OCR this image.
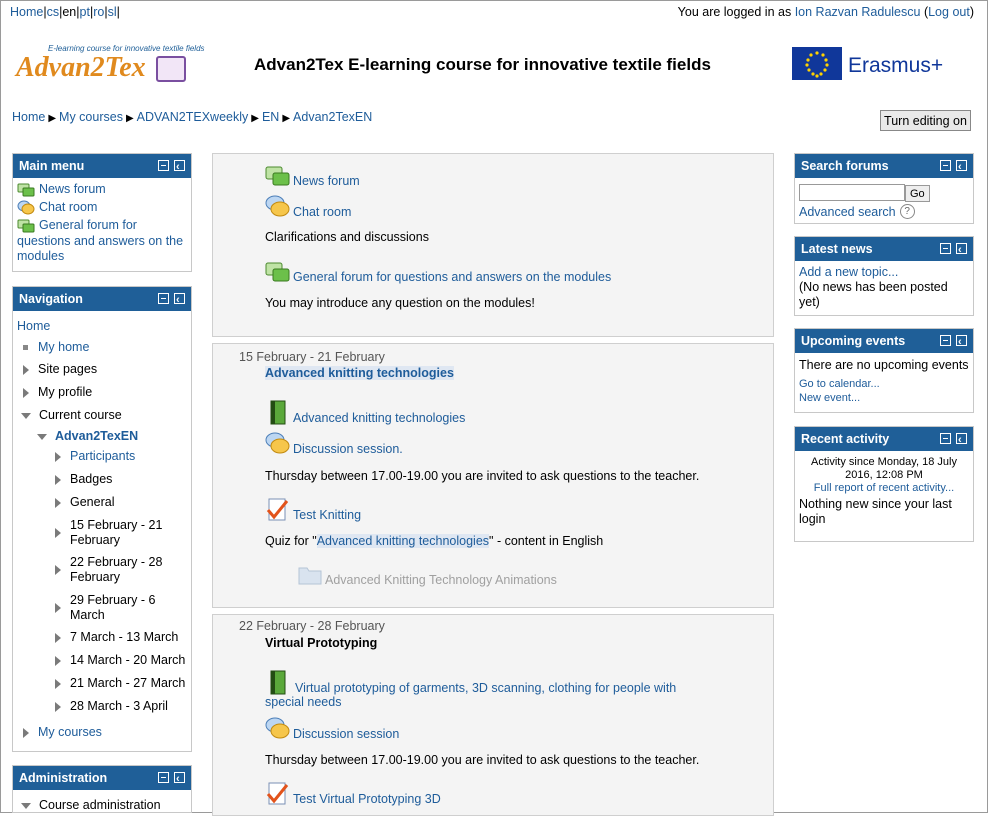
Home|cs|en|pt|ro|sl|	You are logged in as Ion Razvan Radulescu (Log out)
E-learning course for innovative textile fields
Advan2Tex	Advan2Tex E-learning course for innovative textile fields	Erasmus+
Home ▶ My courses ▶ ADVAN2TEXweekly ▶ EN ▶ Advan2TexEN	Turn editing on
Main menu
‹
News forum
Chat room
General forum for questions and answers on the modules
Navigation
‹
Home
My home
Site pages
My profile
Current course
Advan2TexEN
Participants
Badges
General
15 February - 21 February
22 February - 28 February
29 February - 6 March
7 March - 13 March
14 March - 20 March
21 March - 27 March
28 March - 3 April
My courses
Administration
‹
Course administration
News forum
Chat room
Clarifications and discussions
General forum for questions and answers on the modules
You may introduce any question on the modules!
15 February - 21 February
Advanced knitting technologies
Advanced knitting technologies
Discussion session.
Thursday between 17.00-19.00 you are invited to ask questions to the teacher.
Test Knitting
Quiz for "Advanced knitting technologies" - content in English
Advanced Knitting Technology Animations
22 February - 28 February
Virtual Prototyping
Virtual prototyping of garments, 3D scanning, clothing for people with special needs
Discussion session
Thursday between 17.00-19.00 you are invited to ask questions to the teacher.
Test Virtual Prototyping 3D
Search forums
‹
Go
Advanced search ?
Latest news
‹
Add a new topic...
(No news has been posted yet)
Upcoming events
‹
There are no upcoming events
Go to calendar...
New event...
Recent activity
‹
Activity since Monday, 18 July 2016, 12:08 PM
Full report of recent activity...
Nothing new since your last login
